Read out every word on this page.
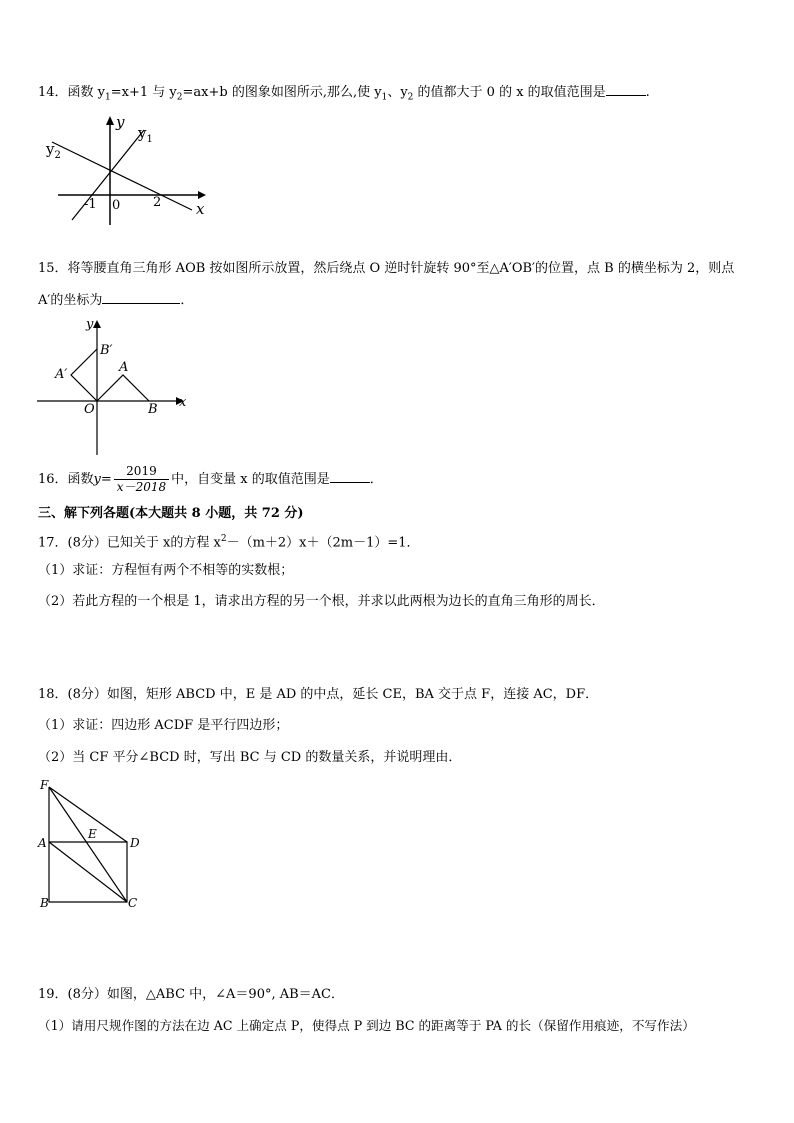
14．函数 $y_1=x+1$ 与 $y_2=ax+b$ 的图象如图所示,那么,使 $y_1$、$y_2$ 的值都大于 0 的 x 的取值范围是	.
$y_2$
$y_1$
y
x
-1 0	2
15．将等腰直角三角形 AOB 按如图所示放置，然后绕点 O 逆时针旋转 90°至△A′OB′的位置，点 B 的横坐标为 2，则点
A′的坐标为	．
y
x
B′
A′	A
O	B
16．函数$y= \frac{2019}{x-2018}$ 中，自变量 x 的取值范围是	．
三、解下列各题(本大题共 8 小题，共 72 分)
17．(8分）已知关于 x的方程 $x^2-(m+2)x+(2m-1)=1$．
（1）求证：方程恒有两个不相等的实数根；
（2）若此方程的一个根是 1，请求出方程的另一个根，并求以此两根为边长的直角三角形的周长．
18．(8分）如图，矩形 ABCD 中，E 是 AD 的中点，延长 CE，BA 交于点 F，连接 AC，DF．
（1）求证：四边形 ACDF 是平行四边形；
（2）当 CF 平分∠BCD 时，写出 BC 与 CD 的数量关系，并说明理由．
F
E
A	D
B	C
19．(8分）如图，△ABC 中，∠A＝90°, AB＝AC．
（1）请用尺规作图的方法在边 AC 上确定点 P，使得点 P 到边 BC 的距离等于 PA 的长（保留作用痕迹，不写作法）
